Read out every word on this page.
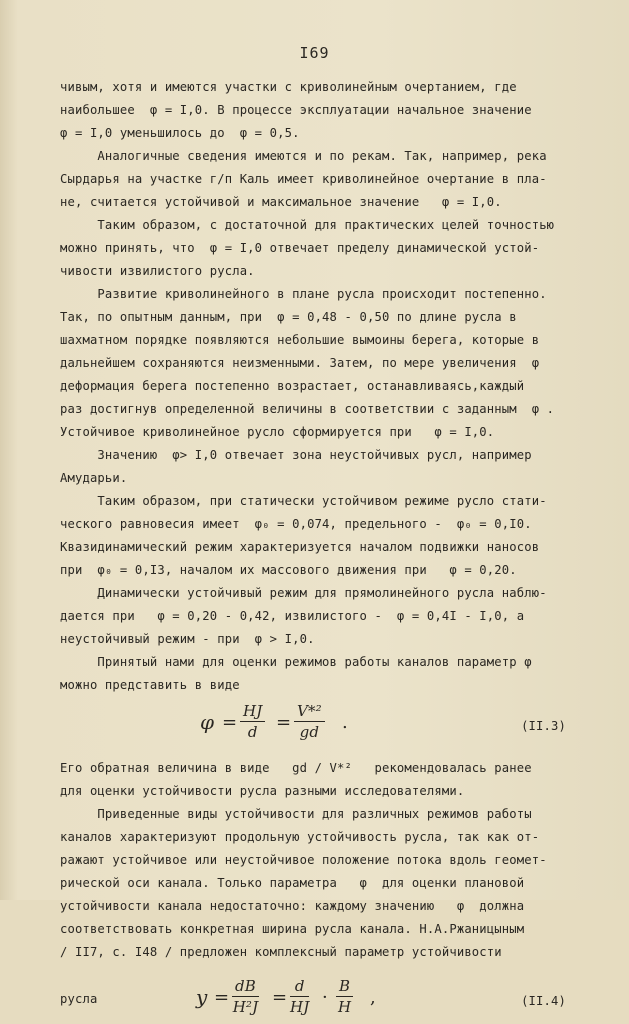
I69
чивым, хотя и имеются участки с криволинейным очертанием, где
наибольшее  φ = I,0. В процессе эксплуатации начальное значение
φ = I,0 уменьшилось до  φ = 0,5.
Аналогичные сведения имеются и по рекам. Так, например, река
Сырдарья на участке г/п Каль имеет криволинейное очертание в пла-
не, считается устойчивой и максимальное значение   φ = I,0.
Таким образом, с достаточной для практических целей точностью
можно принять, что  φ = I,0 отвечает пределу динамической устой-
чивости извилистого русла.
Развитие криволинейного в плане русла происходит постепенно.
Так, по опытным данным, при  φ = 0,48 - 0,50 по длине русла в
шахматном порядке появляются небольшие вымоины берега, которые в
дальнейшем сохраняются неизменными. Затем, по мере увеличения  φ
деформация берега постепенно возрастает, останавливаясь,каждый
раз достигнув определенной величины в соответствии с заданным  φ .
Устойчивое криволинейное русло сформируется при   φ = I,0.
Значению  φ> I,0 отвечает зона неустойчивых русл, например
Амударьи.
Таким образом, при статически устойчивом режиме русло стати-
ческого равновесия имеет  φ₀ = 0,074, предельного -  φ₀ = 0,I0.
Квазидинамический режим характеризуется началом подвижки наносов
при  φ₀ = 0,I3, началом их массового движения при   φ = 0,20.
Динамически устойчивый режим для прямолинейного русла наблю-
дается при   φ = 0,20 - 0,42, извилистого -  φ = 0,4I - I,0, а
неустойчивый режим - при  φ > I,0.
Принятый нами для оценки режимов работы каналов параметр φ
можно представить в виде
$\varphi = \frac{HJ}{d} = \frac{\text{V*²}}{gd}$ .	(II.3)
Его обратная величина в виде   gd / V*²   рекомендовалась ранее
для оценки устойчивости русла разными исследователями.
Приведенные виды устойчивости для различных режимов работы
каналов характеризуют продольную устойчивость русла, так как от-
ражают устойчивое или неустойчивое положение потока вдоль геомет-
рической оси канала. Только параметра   φ  для оценки плановой
устойчивости канала недостаточно: каждому значению   φ  должна
соответствовать конкретная ширина русла канала. Н.А.Ржаницыным
/ II7, с. I48 / предложен комплексный параметр устойчивости
русла	$y = \frac{dB}{\text{H²J}} = \frac{d}{HJ} \cdot \frac{B}{H}$ ,	(II.4)
